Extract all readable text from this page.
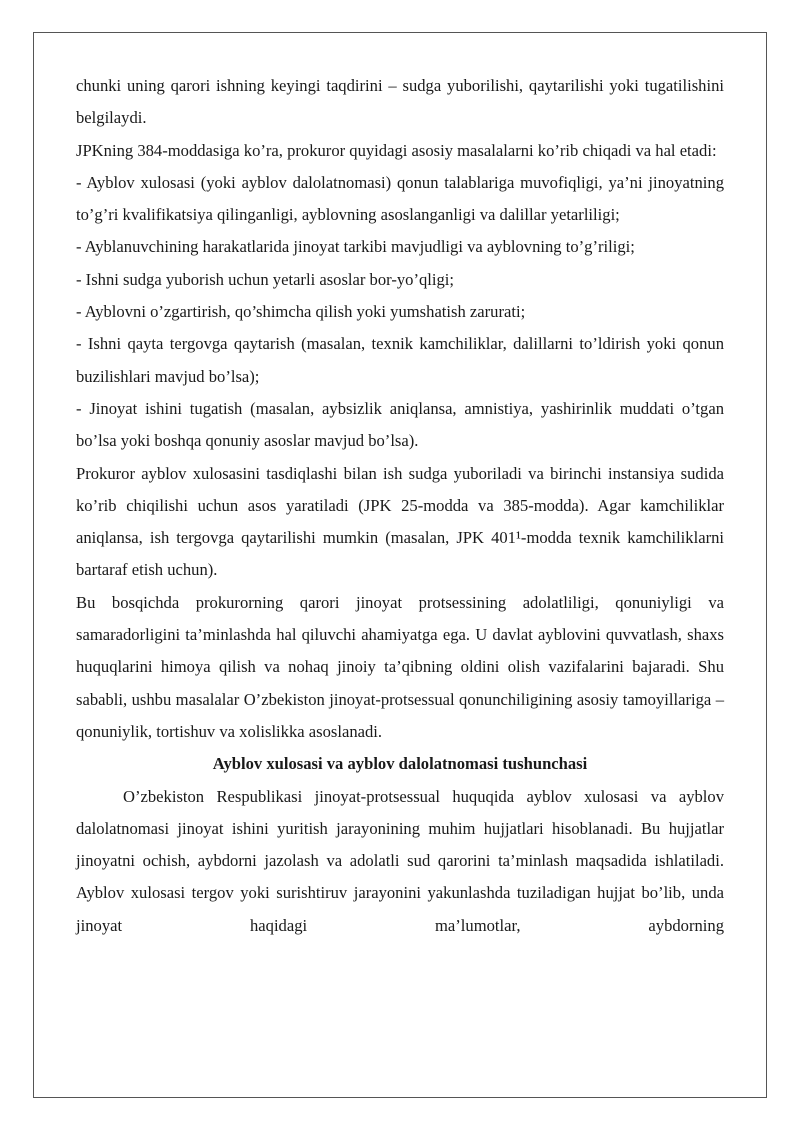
chunki uning qarori ishning keyingi taqdirini – sudga yuborilishi, qaytarilishi yoki tugatilishini belgilaydi.

JPKning 384-moddasiga ko’ra, prokuror quyidagi asosiy masalalarni ko’rib chiqadi va hal etadi:

- Ayblov xulosasi (yoki ayblov dalolatnomasi) qonun talablariga muvofiqligi, ya’ni jinoyatning to’g’ri kvalifikatsiya qilinganligi, ayblovning asoslanganligi va dalillar yetarliligi;

- Ayblanuvchining harakatlarida jinoyat tarkibi mavjudligi va ayblovning to’g’riligi;

- Ishni sudga yuborish uchun yetarli asoslar bor-yo’qligi;

- Ayblovni o’zgartirish, qo’shimcha qilish yoki yumshatish zarurati;

- Ishni qayta tergovga qaytarish (masalan, texnik kamchiliklar, dalillarni to’ldirish yoki qonun buzilishlari mavjud bo’lsa);

- Jinoyat ishini tugatish (masalan, aybsizlik aniqlansa, amnistiya, yashirinlik muddati o’tgan bo’lsa yoki boshqa qonuniy asoslar mavjud bo’lsa).

Prokuror ayblov xulosasini tasdiqlashi bilan ish sudga yuboriladi va birinchi instansiya sudida ko’rib chiqilishi uchun asos yaratiladi (JPK 25-modda va 385-modda). Agar kamchiliklar aniqlansa, ish tergovga qaytarilishi mumkin (masalan, JPK 401¹-modda texnik kamchiliklarni bartaraf etish uchun).

Bu bosqichda prokurorning qarori jinoyat protsessining adolatliligi, qonuniyligi va samaradorligini ta’minlashda hal qiluvchi ahamiyatga ega. U davlat ayblovini quvvatlash, shaxs huquqlarini himoya qilish va nohaq jinoiy ta’qibning oldini olish vazifalarini bajaradi. Shu sababli, ushbu masalalar O’zbekiston jinoyat-protsessual qonunchiligining asosiy tamoyillariga – qonuniylik, tortishuv va xolislikka asoslanadi.

Ayblov xulosasi va ayblov dalolatnomasi tushunchasi

O’zbekiston Respublikasi jinoyat-protsessual huquqida ayblov xulosasi va ayblov dalolatnomasi jinoyat ishini yuritish jarayonining muhim hujjatlari hisoblanadi. Bu hujjatlar jinoyatni ochish, aybdorni jazolash va adolatli sud qarorini ta’minlash maqsadida ishlatiladi. Ayblov xulosasi tergov yoki surishtiruv jarayonini yakunlashda tuziladigan hujjat bo’lib, unda jinoyat haqidagi ma’lumotlar, aybdorning
